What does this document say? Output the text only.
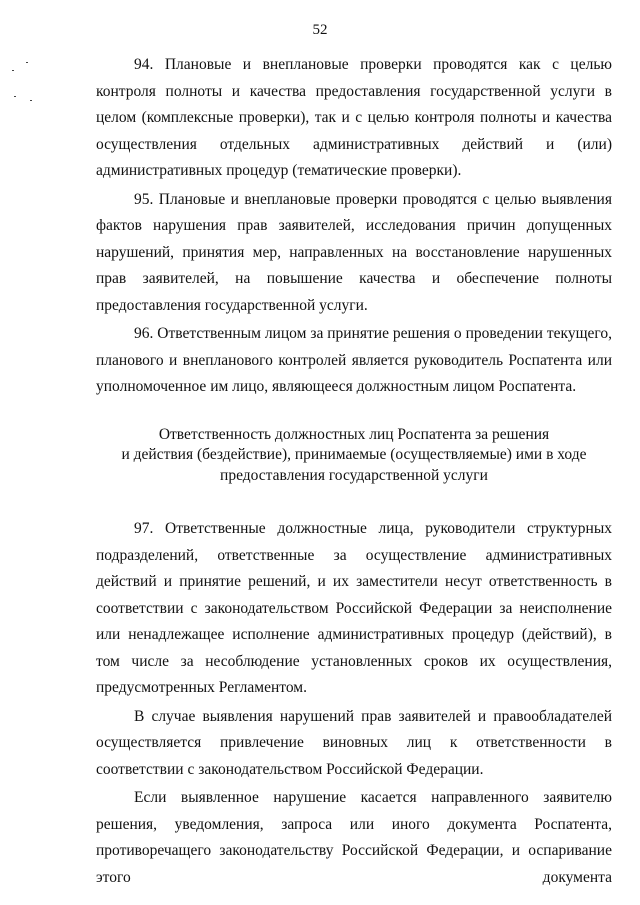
52

94. Плановые и внеплановые проверки проводятся как с целью контроля полноты и качества предоставления государственной услуги в целом (комплексные проверки), так и с целью контроля полноты и качества осуществления отдельных административных действий и (или) административных процедур (тематические проверки).

95. Плановые и внеплановые проверки проводятся с целью выявления фактов нарушения прав заявителей, исследования причин допущенных нарушений, принятия мер, направленных на восстановление нарушенных прав заявителей, на повышение качества и обеспечение полноты предоставления государственной услуги.

96. Ответственным лицом за принятие решения о проведении текущего, планового и внепланового контролей является руководитель Роспатента или уполномоченное им лицо, являющееся должностным лицом Роспатента.

Ответственность должностных лиц Роспатента за решения
и действия (бездействие), принимаемые (осуществляемые) ими в ходе
предоставления государственной услуги

97. Ответственные должностные лица, руководители структурных подразделений, ответственные за осуществление административных действий и принятие решений, и их заместители несут ответственность в соответствии с законодательством Российской Федерации за неисполнение или ненадлежащее исполнение административных процедур (действий), в том числе за несоблюдение установленных сроков их осуществления, предусмотренных Регламентом.

В случае выявления нарушений прав заявителей и правообладателей осуществляется привлечение виновных лиц к ответственности в соответствии с законодательством Российской Федерации.

Если выявленное нарушение касается направленного заявителю решения, уведомления, запроса или иного документа Роспатента, противоречащего законодательству Российской Федерации, и оспаривание этого документа
